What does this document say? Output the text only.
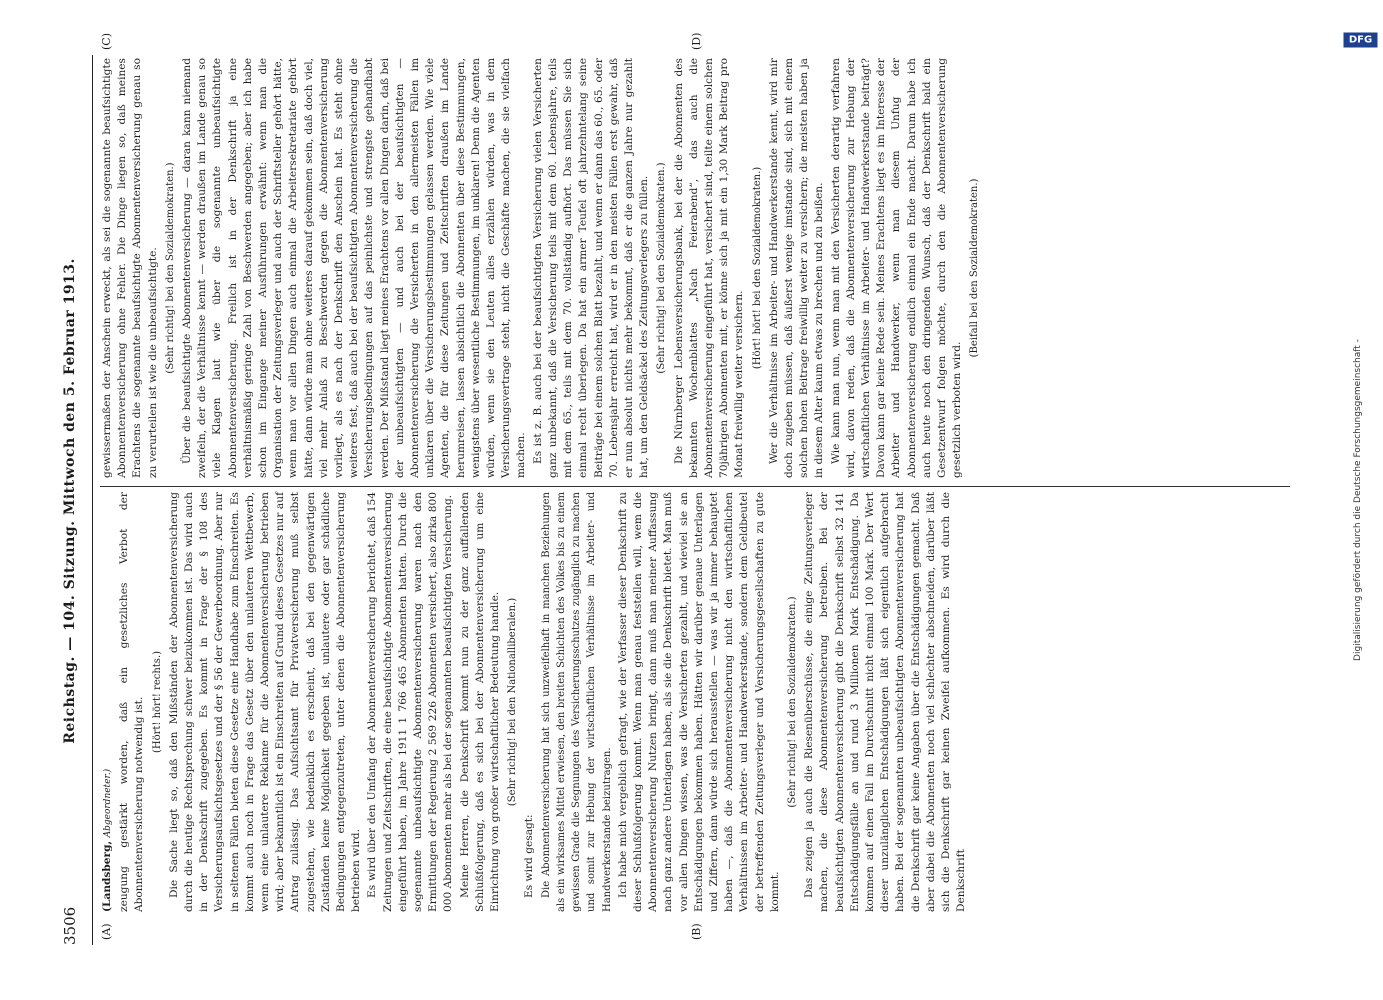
3506
Reichstag. — 104. Sitzung. Mittwoch den 5. Februar 1913.
(A)	(B)
(C)	(D)

(Landsberg, Abgeordneter.) zeugung gestärkt worden, daß ein gesetzliches Verbot der Abonnentenversicherung notwendig ist. (Hört! hört! rechts.) Die Sache liegt so, daß den Mißständen der Abonnentenversicherung durch die heutige Rechtsprechung schwer beizukommen ist. Das wird auch in der Denkschrift zugegeben. Es kommt in Frage der § 108 des Versicherungsaufsichtsgesetzes und der § 56 der Gewerbeordnung. Aber nur in seltenen Fällen bieten diese Gesetze eine Handhabe zum Einschreiten. Es kommt auch noch in Frage das Gesetz über den unlauteren Wettbewerb, wenn eine unlautere Reklame für die Abonnentenversicherung betrieben wird; aber bekanntlich ist ein Einschreiten auf Grund dieses Gesetzes nur auf Antrag zulässig. Das Aufsichtsamt für Privatversicherung muß selbst zugestehen, wie bedenklich es erscheint, daß bei den gegenwärtigen Zuständen keine Möglichkeit gegeben ist, unlautere oder gar schädliche Bedingungen entgegenzutreten, unter denen die Abonnentenversicherung betrieben wird. Es wird über den Umfang der Abonnentenversicherung berichtet, daß 154 Zeitungen und Zeitschriften, die eine beaufsichtigte Abonnentenversicherung eingeführt haben, im Jahre 1911 1 766 465 Abonnenten hatten. Durch die sogenannte unbeaufsichtigte Abonnentenversicherung waren nach den Ermittlungen der Regierung 2 569 226 Abonnenten versichert, also zirka 800 000 Abonnenten mehr als bei der sogenannten beaufsichtigten Versicherung. Meine Herren, die Denkschrift kommt nun zu der ganz auffallenden Schlußfolgerung, daß es sich bei der Abonnentenversicherung um eine Einrichtung von großer wirtschaftlicher Bedeutung handle. (Sehr richtig! bei den Nationalliberalen.)

Es wird gesagt: Die Abonnentenversicherung hat sich unzweifelhaft in manchen Beziehungen als ein wirksames Mittel erwiesen, den breiten Schichten des Volkes bis zu einem gewissen Grade die Segnungen des Versicherungsschutzes zugänglich zu machen und somit zur Hebung der wirtschaftlichen Verhältnisse im Arbeiter- und Handwerkerstande beizutragen. Ich habe mich vergeblich gefragt, wie der Verfasser dieser Denkschrift zu dieser Schlußfolgerung kommt. Wenn man genau feststellen will, wem die Abonnentenversicherung Nutzen bringt, dann muß man meiner Auffassung nach ganz andere Unterlagen haben, als sie die Denkschrift bietet. Man muß vor allen Dingen wissen, was die Versicherten gezahlt, und wieviel sie an Entschädigungen bekommen haben. Hätten wir darüber genaue Unterlagen und Ziffern, dann würde sich herausstellen — was wir ja immer behauptet haben —, daß die Abonnentenversicherung nicht den wirtschaftlichen Verhältnissen im Arbeiter- und Handwerkerstande, sondern dem Geldbeutel der betreffenden Zeitungsverleger und Versicherungsgesellschaften zu gute kommt.

(Sehr richtig! bei den Sozialdemokraten.) Das zeigen ja auch die Riesenüberschüsse, die einige Zeitungsverleger machen, die diese Abonnentenversicherung betreiben. Bei der beaufsichtigten Abonnentenversicherung gibt die Denkschrift selbst 32 141 Entschädigungsfälle an und rund 3 Millionen Mark Entschädigung. Da kommen auf einen Fall im Durchschnitt nicht einmal 100 Mark. Der Wert dieser unzulänglichen Entschädigungen läßt sich eigentlich aufgebracht haben. Bei der sogenannten unbeaufsichtigten Abonnentenversicherung hat die Denkschrift gar keine Angaben über die Entschädigungen gemacht. Daß aber dabei die Abonnenten noch viel schlechter abschneiden, darüber läßt sich die Denkschrift gar keinen Zweifel aufkommen. Es wird durch die Denkschrift

gewissermaßen der Anschein erweckt, als sei die sogenannte beaufsichtigte Abonnentenversicherung ohne Fehler. Die Dinge liegen so, daß meines Erachtens die sogenannte beaufsichtigte Abonnentenversicherung genau so zu verurteilen ist wie die unbeaufsichtigte. (Sehr richtig! bei den Sozialdemokraten.) Über die beaufsichtigte Abonnentenversicherung — daran kann niemand zweifeln, der die Verhältnisse kennt — werden draußen im Lande genau so viele Klagen laut wie über die sogenannte unbeaufsichtigte Abonnentenversicherung. Freilich ist in der Denkschrift ja eine verhältnismäßig geringe Zahl von Beschwerden angegeben; aber ich habe schon im Eingange meiner Ausführungen erwähnt: wenn man die Organisation der Zeitungsverleger und auch der Schriftsteller gehört hätte, wenn man vor allen Dingen auch einmal die Arbeitersekretariate gehört hätte, dann würde man ohne weiteres darauf gekommen sein, daß doch viel, viel mehr Anlaß zu Beschwerden gegen die Abonnentenversicherung vorliegt, als es nach der Denkschrift den Anschein hat. Es steht ohne weiteres fest, daß auch bei der beaufsichtigten Abonnentenversicherung die Versicherungsbedingungen auf das peinlichste und strengste gehandhabt werden. Der Mißstand liegt meines Erachtens vor allen Dingen darin, daß bei der unbeaufsichtigten — und auch bei der beaufsichtigten — Abonnentenversicherung die Versicherten in den allermeisten Fällen im unklaren über die Versicherungsbestimmungen gelassen werden. Wie viele Agenten, die für diese Zeitungen und Zeitschriften draußen im Lande herumreisen, lassen absichtlich die Abonnenten über diese Bestimmungen, wenigstens über wesentliche Bestimmungen, im unklaren! Denn die Agenten würden, wenn sie den Leuten alles erzählen würden, was in dem Versicherungsvertrage steht, nicht die Geschäfte machen, die sie vielfach machen. Es ist z. B. auch bei der beaufsichtigten Versicherung vielen Versicherten ganz unbekannt, daß die Versicherung teils mit dem 60. Lebensjahre, teils mit dem 65., teils mit dem 70. vollständig aufhört. Das müssen Sie sich einmal recht überlegen. Da hat ein armer Teufel oft jahrzehntelang seine Beiträge bei einem solchen Blatt bezahlt, und wenn er dann das 60., 65. oder 70. Lebensjahr erreicht hat, wird er in den meisten Fällen erst gewahr, daß er nun absolut nichts mehr bekommt, daß er die ganzen Jahre nur gezahlt hat, um den Geldsäckel des Zeitungsverlegers zu füllen. (Sehr richtig! bei den Sozialdemokraten.) Die Nürnberger Lebensversicherungsbank, bei der die Abonnenten des bekannten Wochenblattes „Nach Feierabend“, das auch die Abonnentenversicherung eingeführt hat, versichert sind, teilte einem solchen 70jährigen Abonnenten mit, er könne sich ja mit ein 1,30 Mark Beitrag pro Monat freiwillig weiter versichern.

(Hört! hört! bei den Sozialdemokraten.) Wer die Verhältnisse im Arbeiter- und Handwerkerstande kennt, wird mir doch zugeben müssen, daß äußerst wenige imstande sind, sich mit einem solchen hohen Beitrage freiwillig weiter zu versichern; die meisten haben ja in diesem Alter kaum etwas zu brechen und zu beißen. Wie kann man nun, wenn man mit den Versicherten derartig verfahren wird, davon reden, daß die Abonnentenversicherung zur Hebung der wirtschaftlichen Verhältnisse im Arbeiter- und Handwerkerstande beiträgt? Davon kann gar keine Rede sein. Meines Erachtens liegt es im Interesse der Arbeiter und Handwerker, wenn man diesem Unfug der Abonnentenversicherung endlich einmal ein Ende macht. Darum habe ich auch heute noch den dringenden Wunsch, daß der Denkschrift bald ein Gesetzentwurf folgen möchte, durch den die Abonnentenversicherung gesetzlich verboten wird.

(Beifall bei den Sozialdemokraten.)

Digitalisierung gefördert durch die Deutsche Forschungsgemeinschaft -
DFG
